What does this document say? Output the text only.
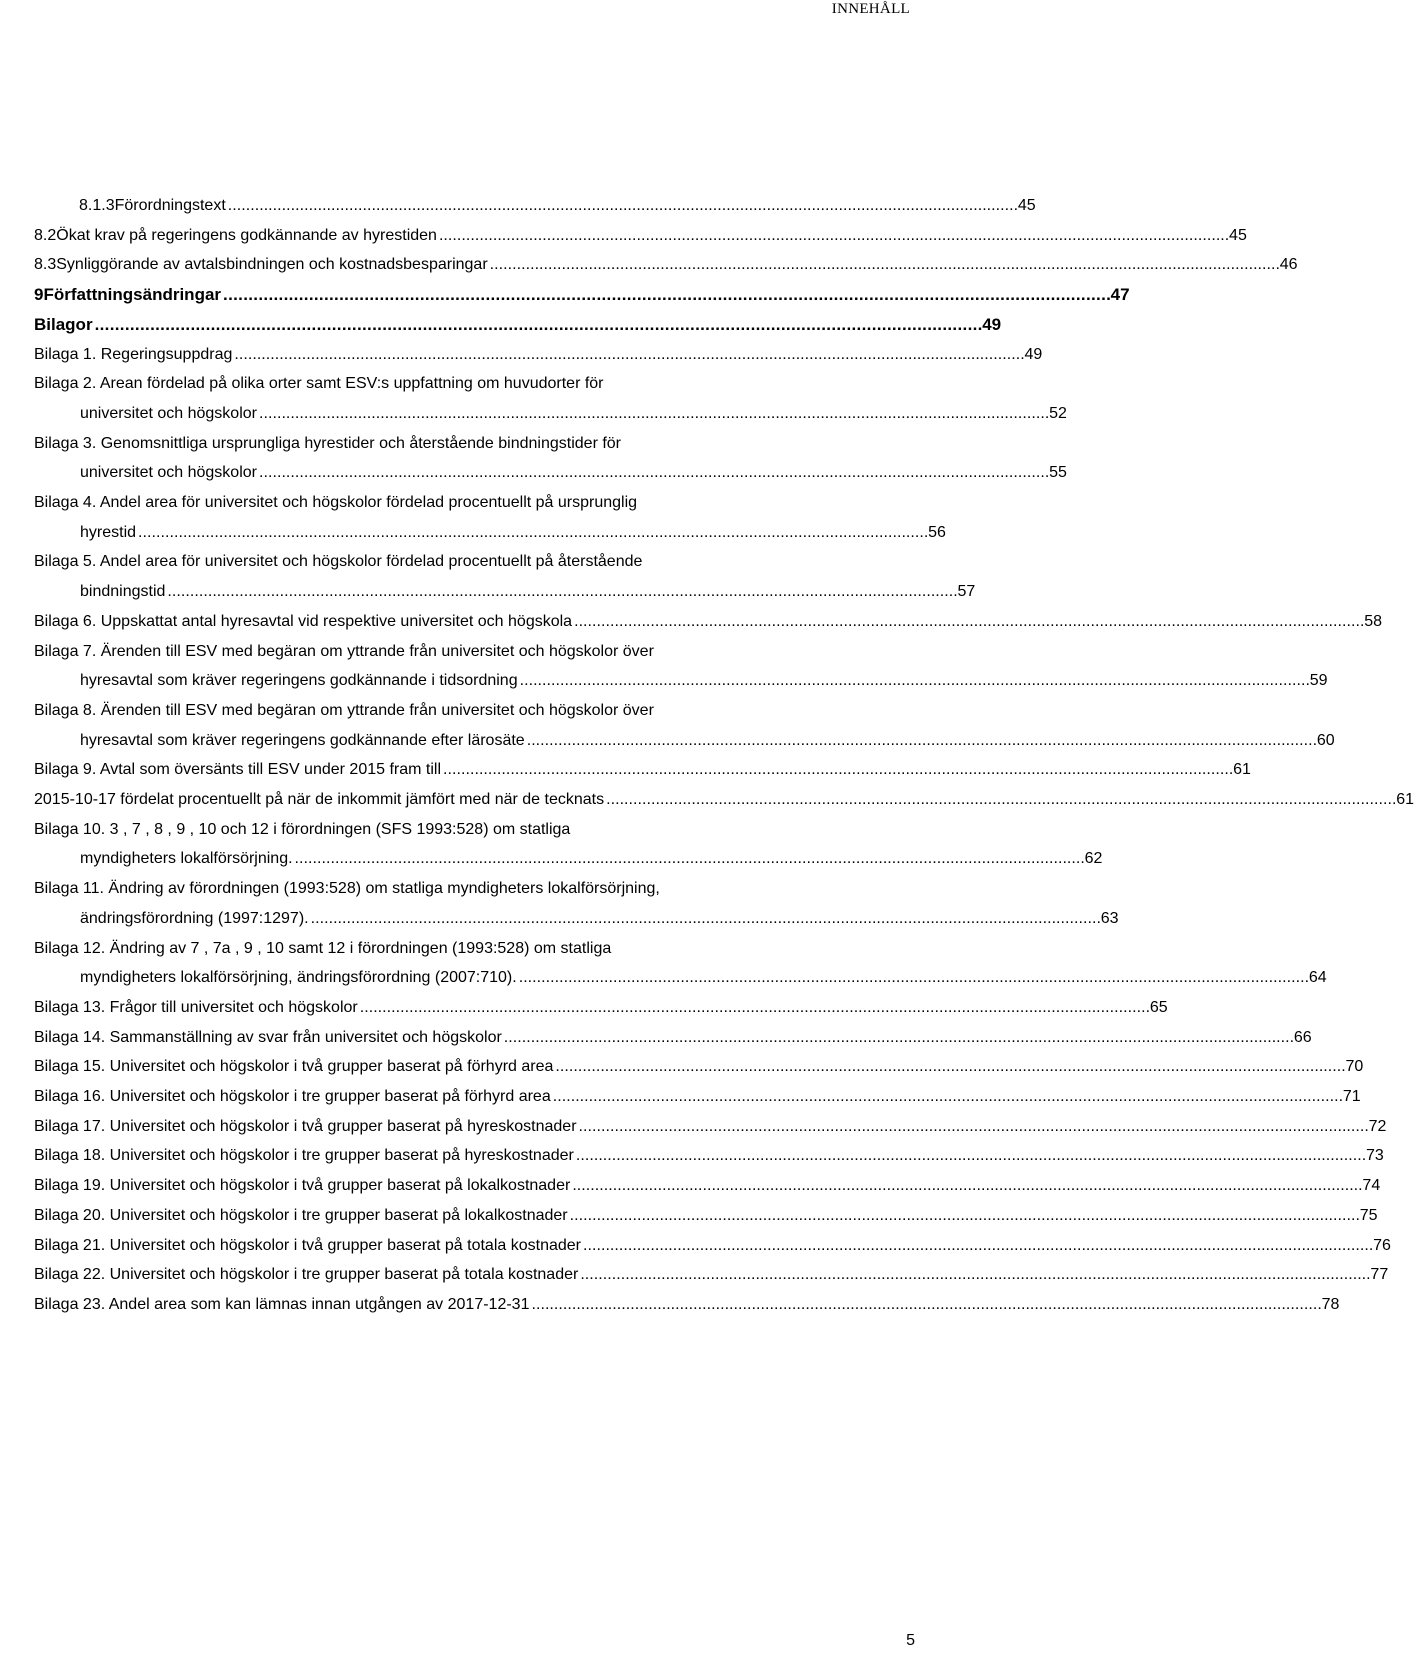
INNEHÅLL
8.1.3 Förordningstext . . .	45
8.2 Ökat krav på regeringens godkännande av hyrestiden . . .	45
8.3 Synliggörande av avtalsbindningen och kostnadsbesparingar . . .	46
9 Författningsändringar . . .	47
Bilagor . . .	49
Bilaga 1. Regeringsuppdrag . . .	49
Bilaga 2. Arean fördelad på olika orter samt ESV:s uppfattning om huvudorter för
universitet och högskolor . . .	52
Bilaga 3. Genomsnittliga ursprungliga hyrestider och återstående bindningstider för
universitet och högskolor . . .	55
Bilaga 4. Andel area för universitet och högskolor fördelad procentuellt på ursprunglig
hyrestid . . .	56
Bilaga 5. Andel area för universitet och högskolor fördelad procentuellt på återstående
bindningstid . . .	57
Bilaga 6. Uppskattat antal hyresavtal vid respektive universitet och högskola . . .	58
Bilaga 7. Ärenden till ESV med begäran om yttrande från universitet och högskolor över
hyresavtal som kräver regeringens godkännande i tidsordning . . .	59
Bilaga 8. Ärenden till ESV med begäran om yttrande från universitet och högskolor över
hyresavtal som kräver regeringens godkännande efter lärosäte . . .	60
Bilaga 9. Avtal som översänts till ESV under 2015 fram till . . .	61
2015-10-17 fördelat procentuellt på när de inkommit jämfört med när de tecknats . . .	61
Bilaga 10. 3 , 7 , 8 , 9 , 10 och 12 i förordningen (SFS 1993:528) om statliga
myndigheters lokalförsörjning. . . .	62
Bilaga 11. Ändring av förordningen (1993:528) om statliga myndigheters lokalförsörjning,
ändringsförordning (1997:1297). . . .	63
Bilaga 12. Ändring av 7 , 7a , 9 , 10 samt 12 i förordningen (1993:528) om statliga
myndigheters lokalförsörjning, ändringsförordning (2007:710). . . .	64
Bilaga 13. Frågor till universitet och högskolor . . .	65
Bilaga 14. Sammanställning av svar från universitet och högskolor . . .	66
Bilaga 15. Universitet och högskolor i två grupper baserat på förhyrd area . . .	70
Bilaga 16. Universitet och högskolor i tre grupper baserat på förhyrd area . . .	71
Bilaga 17. Universitet och högskolor i två grupper baserat på hyreskostnader . . .	72
Bilaga 18. Universitet och högskolor i tre grupper baserat på hyreskostnader . . .	73
Bilaga 19. Universitet och högskolor i två grupper baserat på lokalkostnader . . .	74
Bilaga 20. Universitet och högskolor i tre grupper baserat på lokalkostnader . . .	75
Bilaga 21. Universitet och högskolor i två grupper baserat på totala kostnader . . .	76
Bilaga 22. Universitet och högskolor i tre grupper baserat på totala kostnader . . .	77
Bilaga 23. Andel area som kan lämnas innan utgången av 2017-12-31 . . .	78
5
